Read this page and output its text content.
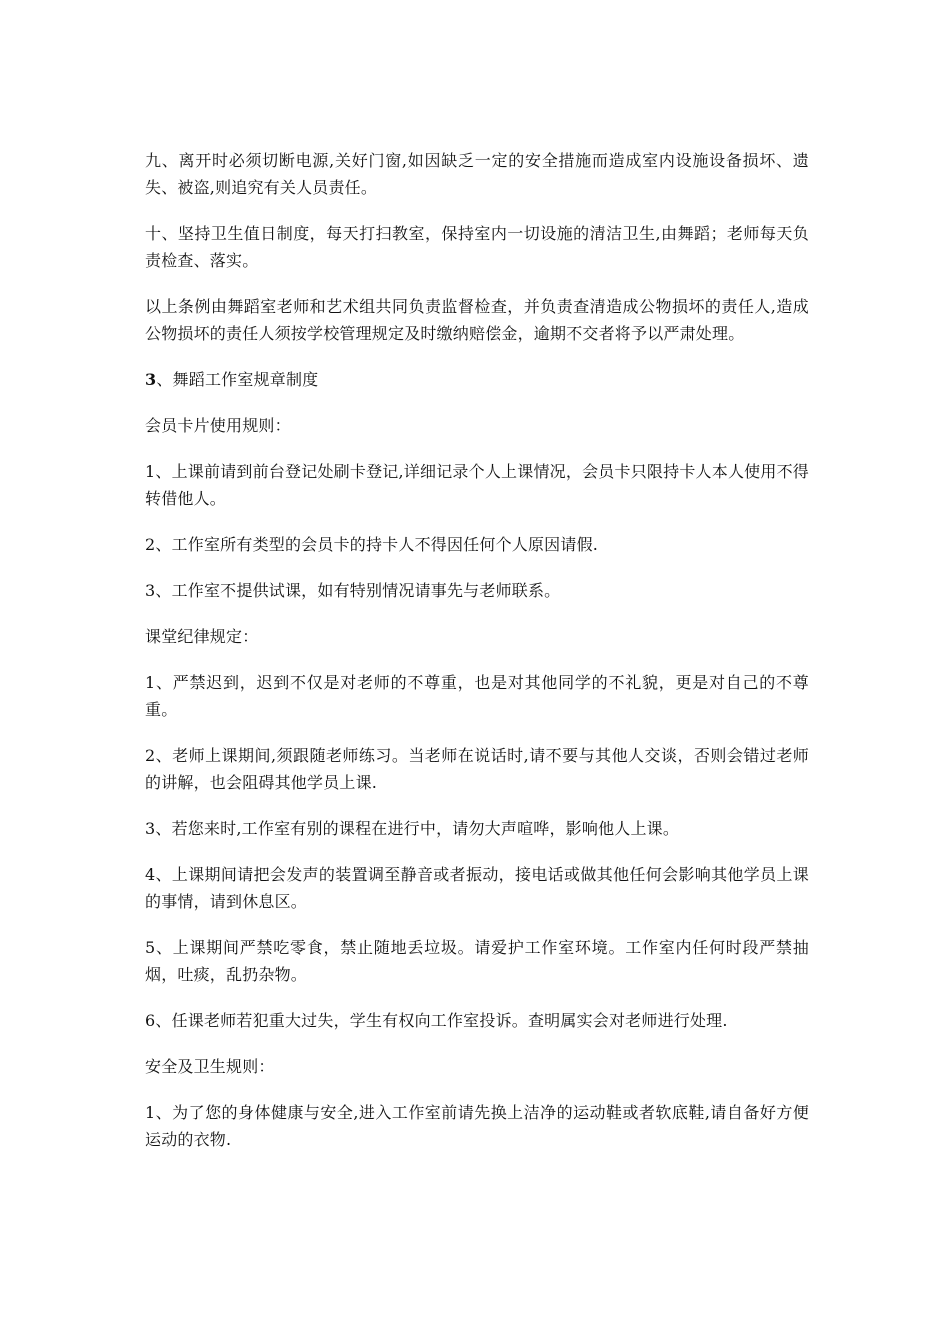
九、离开时必须切断电源,关好门窗,如因缺乏一定的安全措施而造成室内设施设备损坏、遗失、被盗,则追究有关人员责任。

十、坚持卫生值日制度，每天打扫教室，保持室内一切设施的清洁卫生,由舞蹈；老师每天负责检查、落实。

以上条例由舞蹈室老师和艺术组共同负责监督检查，并负责查清造成公物损坏的责任人,造成公物损坏的责任人须按学校管理规定及时缴纳赔偿金，逾期不交者将予以严肃处理。

3、舞蹈工作室规章制度

会员卡片使用规则：

1、上课前请到前台登记处刷卡登记,详细记录个人上课情况，会员卡只限持卡人本人使用不得转借他人。

2、工作室所有类型的会员卡的持卡人不得因任何个人原因请假.

3、工作室不提供试课，如有特别情况请事先与老师联系。

课堂纪律规定：

1、严禁迟到，迟到不仅是对老师的不尊重，也是对其他同学的不礼貌，更是对自己的不尊重。

2、老师上课期间,须跟随老师练习。当老师在说话时,请不要与其他人交谈，否则会错过老师的讲解，也会阻碍其他学员上课.

3、若您来时,工作室有别的课程在进行中，请勿大声喧哗，影响他人上课。

4、上课期间请把会发声的装置调至静音或者振动，接电话或做其他任何会影响其他学员上课的事情，请到休息区。

5、上课期间严禁吃零食，禁止随地丢垃圾。请爱护工作室环境。工作室内任何时段严禁抽烟，吐痰，乱扔杂物。

6、任课老师若犯重大过失，学生有权向工作室投诉。查明属实会对老师进行处理.

安全及卫生规则：

1、为了您的身体健康与安全,进入工作室前请先换上洁净的运动鞋或者软底鞋,请自备好方便运动的衣物.
